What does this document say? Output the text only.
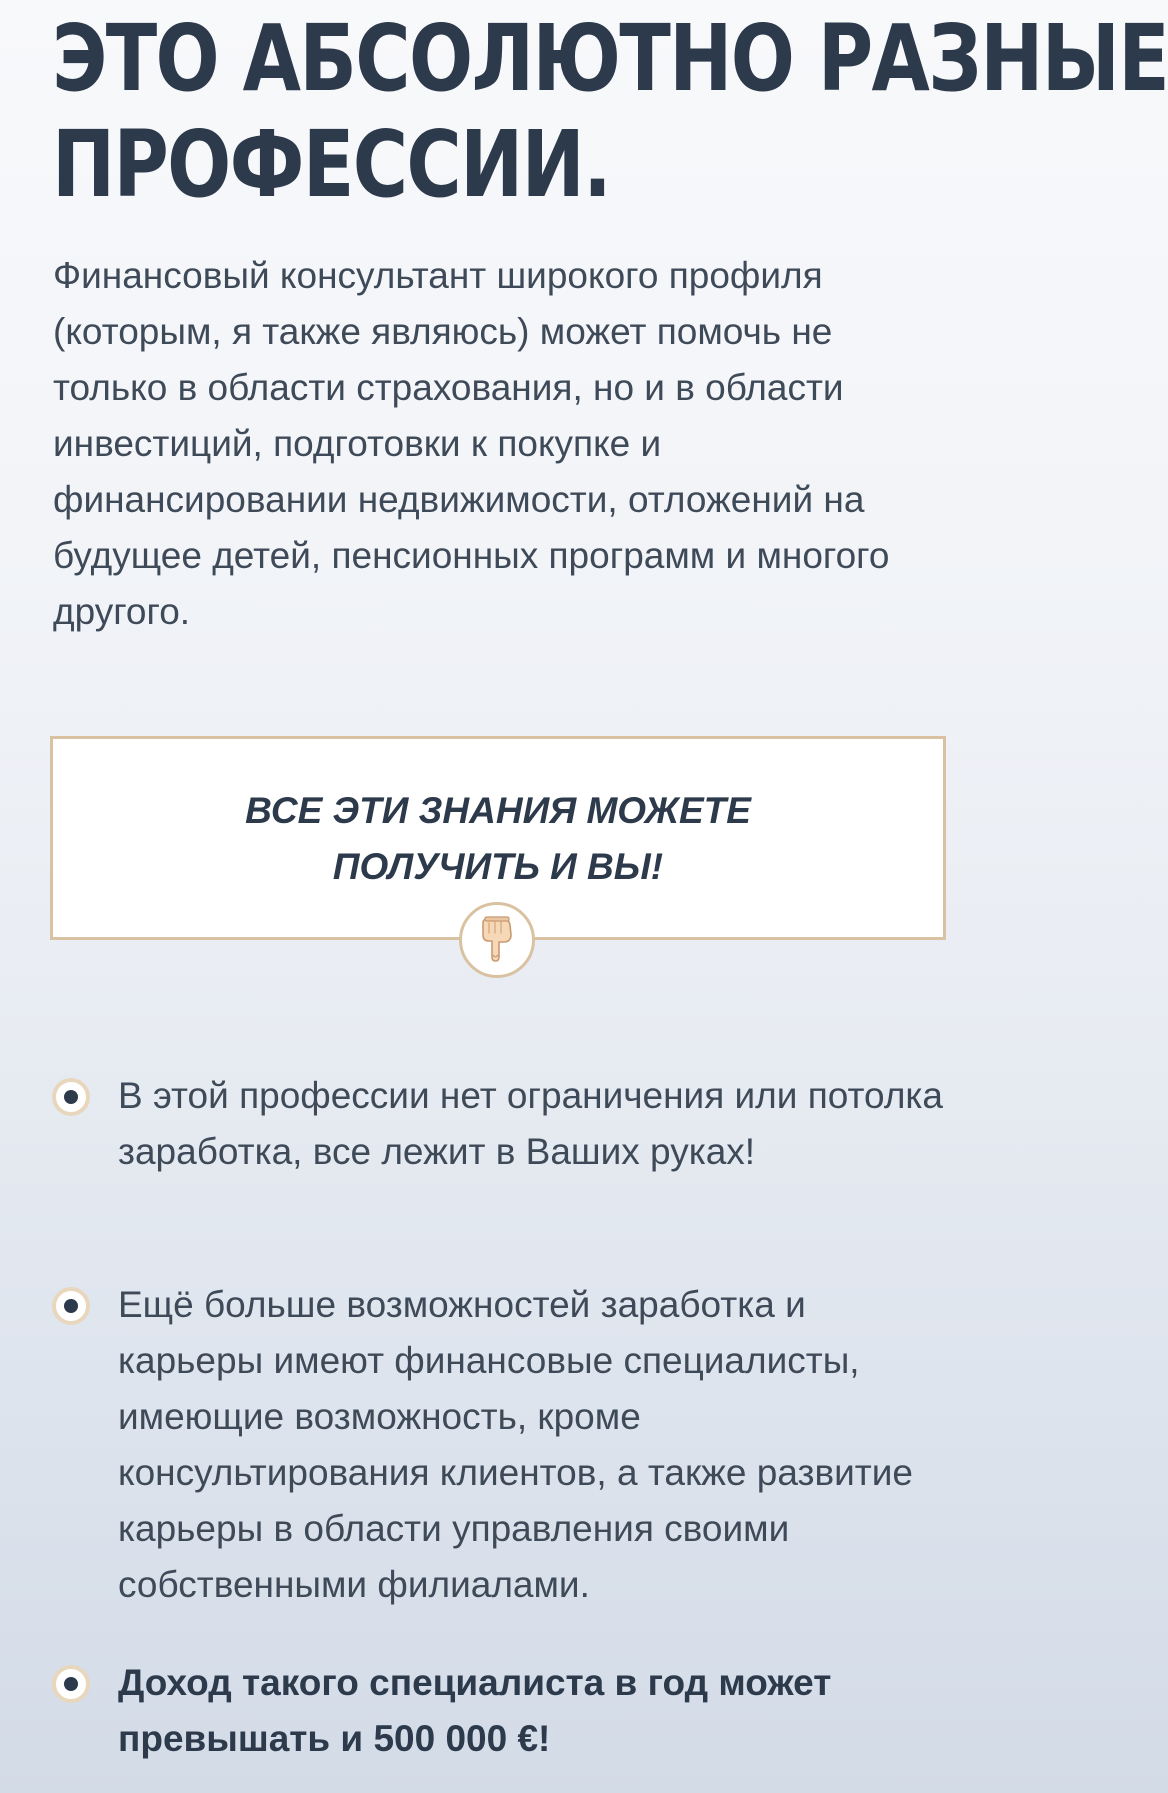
ЭТО АБСОЛЮТНО РАЗНЫЕ
ПРОФЕССИИ.

Финансовый консультант широкого профиля (которым, я также являюсь) может помочь не только в области страхования, но и в области инвестиций, подготовки к покупке и финансировании недвижимости, отложений на будущее детей, пенсионных программ и многого другого.

ВСЕ ЭТИ ЗНАНИЯ МОЖЕТЕ
ПОЛУЧИТЬ И ВЫ!

В этой профессии нет ограничения или потолка заработка, все лежит в Ваших руках!

Ещё больше возможностей заработка и карьеры имеют финансовые специалисты, имеющие возможность, кроме консультирования клиентов, а также развитие карьеры в области управления своими собственными филиалами.

Доход такого специалиста в год может превышать и 500 000 €!
